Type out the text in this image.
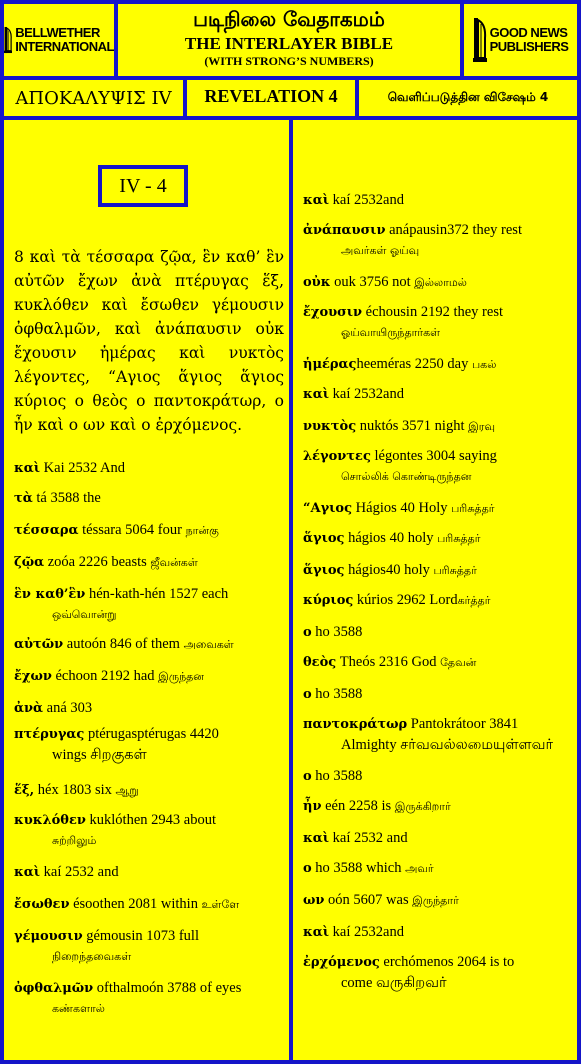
BELLWETHER
INTERNATIONAL
படிநிலை வேதாகமம்
THE INTERLAYER BIBLE
(WITH STRONG’S NUMBERS)
GOOD NEWS
PUBLISHERS
ΑΠΟΚΑΛΥΨΙΣ IV REVELATION 4	வெளிப்படுத்தின விசேஷம் 4
IV - 4
8 καὶ τὰ τέσσαρα ζῷα, ἓν καθ’ ἓν αὐτῶν ἔχων ἀνὰ πτέρυγας ἕξ, κυκλόθεν καὶ ἔσωθεν γέμουσιν ὀφθαλμῶν, καὶ ἀνάπαυσιν οὐκ ἔχουσιν ἡμέρας καὶ νυκτὸς λέγοντες, “Αγιος ἅγιος ἅγιος κύριος ο θεὸς ο παντοκράτωρ, ο ἦν καὶ ο ων καὶ ο ἐρχόμενος.
καὶ Kai 2532 And
τὰ tá 3588 the
τέσσαρα téssara 5064 four நான்கு
ζῷα zoóa 2226 beasts ஜீவன்கள்
ἓν καθ’ἓν hén-kath-hén 1527 each
ஒவ்வொன்று
αὐτῶν autoón 846 of them அவைகள்
ἔχων échoon 2192 had இருந்தன
ἀνὰ aná 303
πτέρυγας ptérugasptérugas 4420
wings சிறகுகள்
ἕξ, héx 1803 six ஆறு
κυκλόθεν kuklóthen 2943 about
சுற்றிலும்
καὶ kaí 2532 and
ἔσωθεν ésoothen 2081 within உள்ளே
γέμουσιν gémousin 1073 full
நிறைந்தவைகள்
ὀφθαλμῶν ofthalmoón 3788 of eyes
கண்களால்
καὶ kaí 2532and
ἀνάπαυσιν anápausin372 they rest
அவர்கள் ஓய்வு
οὐκ ouk 3756 not இல்லாமல்
ἔχουσιν échousin 2192 they rest
ஓய்வாயிருந்தார்கள்
ἡμέραςheeméras 2250 day பகல்
καὶ kaí 2532and
νυκτὸς nuktós 3571 night இரவு
λέγοντες légontes 3004 saying
சொல்லிக் கொண்டிருந்தன
“Αγιος Hágios 40 Holy பரிசுத்தர்
ἅγιος hágios 40 holy பரிசுத்தர்
ἅγιος hágios40 holy பரிசுத்தர்
κύριος kúrios 2962 Lordகர்த்தர்
ο ho 3588
θεὸς Theós 2316 God தேவன்
ο ho 3588
παντοκράτωρ Pantokrátoor 3841
Almighty சர்வவல்லமையுள்ளவர்
ο ho 3588
ἦν eén 2258 is இருக்கிறார்
καὶ kaí 2532 and
ο ho 3588 which அவர்
ων oón 5607 was இருந்தார்
καὶ kaí 2532and
ἐρχόμενος erchómenos 2064 is to
come வருகிறவர்
